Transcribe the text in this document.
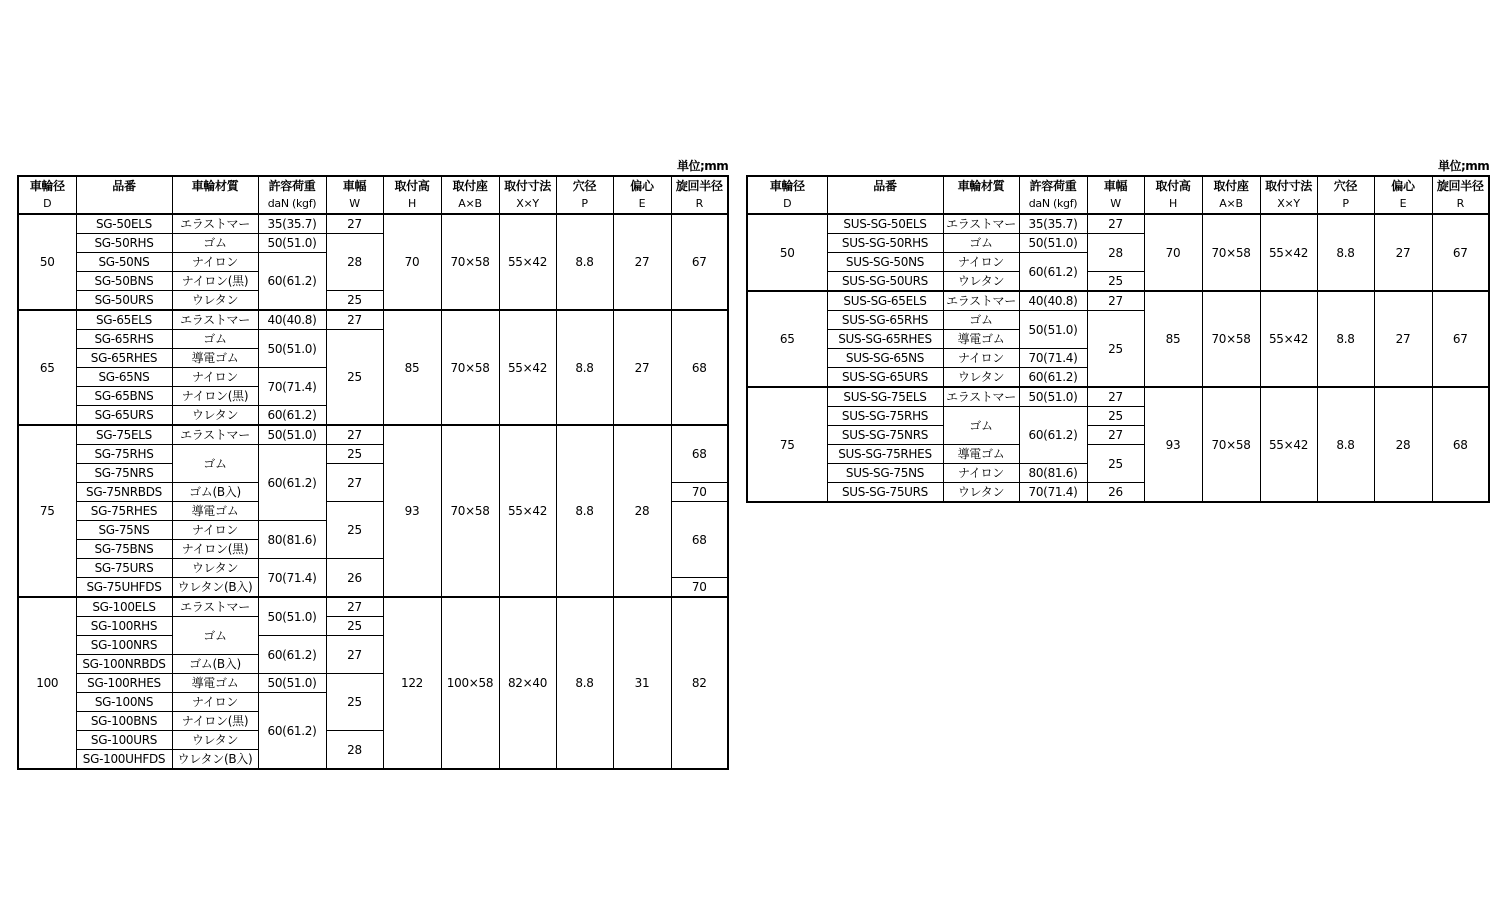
単位;mm
車輪径	品番	車輪材質	許容荷重	車幅	取付高	取付座	取付寸法	穴径	偏心	旋回半径
D			daN (kgf)	W	H	A×B	X×Y	P	E	R
50	SG-50ELS	エラストマー	35(35.7)	27	70	70×58	55×42	8.8	27	67
	SG-50RHS	ゴム	50(51.0)	28						
	SG-50NS	ナイロン	60(61.2)							
	SG-50BNS	ナイロン(黒)								
	SG-50URS	ウレタン		25						
65	SG-65ELS	エラストマー	40(40.8)	27	85	70×58	55×42	8.8	27	68
	SG-65RHS	ゴム	50(51.0)	25						
	SG-65RHES	導電ゴム								
	SG-65NS	ナイロン	70(71.4)							
	SG-65BNS	ナイロン(黒)								
	SG-65URS	ウレタン	60(61.2)							
75	SG-75ELS	エラストマー	50(51.0)	27	93	70×58	55×42	8.8	28	68
	SG-75RHS	ゴム	60(61.2)	25						
	SG-75NRS			27						
	SG-75NRBDS	ゴム(B入)								70
	SG-75RHES	導電ゴム		25						68
	SG-75NS	ナイロン	80(81.6)							
	SG-75BNS	ナイロン(黒)								
	SG-75URS	ウレタン	70(71.4)	26						
	SG-75UHFDS	ウレタン(B入)								70
100	SG-100ELS	エラストマー	50(51.0)	27	122	100×58	82×40	8.8	31	82
	SG-100RHS	ゴム		25						
	SG-100NRS		60(61.2)	27						
	SG-100NRBDS	ゴム(B入)								
	SG-100RHES	導電ゴム	50(51.0)	25						
	SG-100NS	ナイロン	60(61.2)							
	SG-100BNS	ナイロン(黒)								
	SG-100URS	ウレタン		28						
	SG-100UHFDS	ウレタン(B入)								
単位;mm
車輪径	品番	車輪材質	許容荷重	車幅	取付高	取付座	取付寸法	穴径	偏心	旋回半径
D			daN (kgf)	W	H	A×B	X×Y	P	E	R
50	SUS-SG-50ELS	エラストマー	35(35.7)	27	70	70×58	55×42	8.8	27	67
	SUS-SG-50RHS	ゴム	50(51.0)	28						
	SUS-SG-50NS	ナイロン	60(61.2)							
	SUS-SG-50URS	ウレタン		25						
65	SUS-SG-65ELS	エラストマー	40(40.8)	27	85	70×58	55×42	8.8	27	67
	SUS-SG-65RHS	ゴム	50(51.0)	25						
	SUS-SG-65RHES	導電ゴム								
	SUS-SG-65NS	ナイロン	70(71.4)							
	SUS-SG-65URS	ウレタン	60(61.2)							
75	SUS-SG-75ELS	エラストマー	50(51.0)	27	93	70×58	55×42	8.8	28	68
	SUS-SG-75RHS	ゴム	60(61.2)	25						
	SUS-SG-75NRS			27						
	SUS-SG-75RHES	導電ゴム		25						
	SUS-SG-75NS	ナイロン	80(81.6)							
	SUS-SG-75URS	ウレタン	70(71.4)	26						
